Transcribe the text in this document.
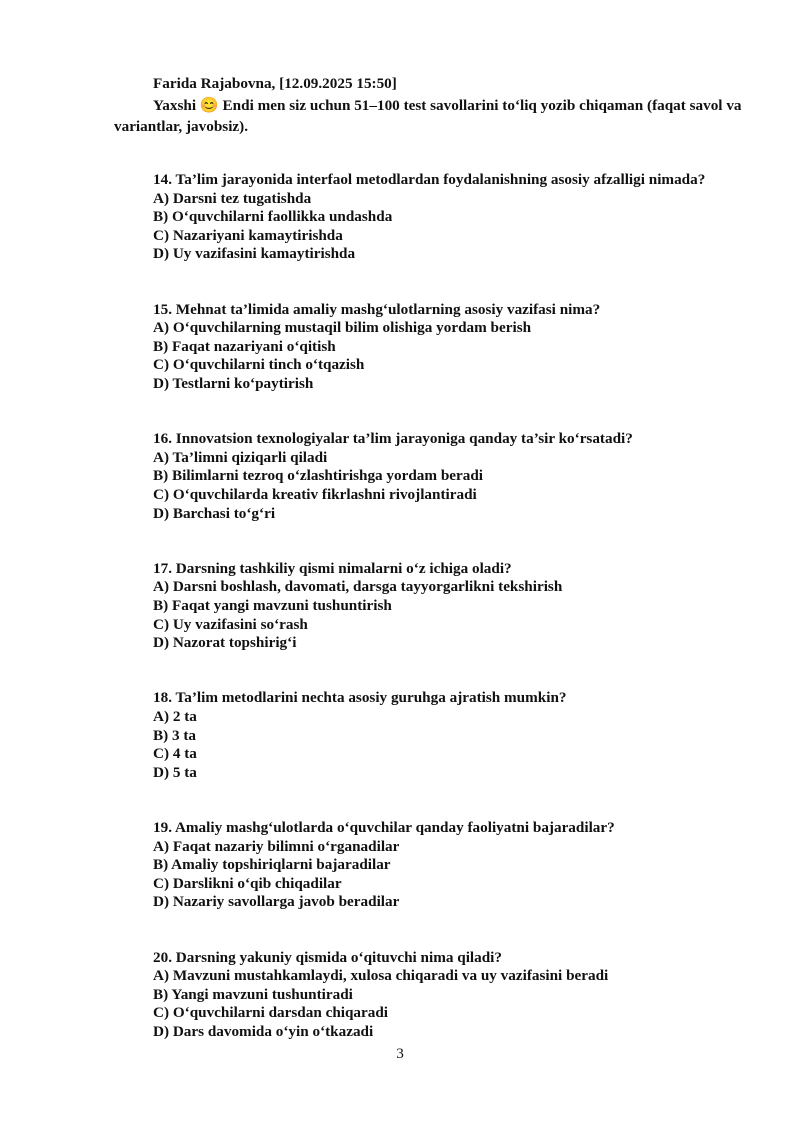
Farida Rajabovna, [12.09.2025 15:50]

Yaxshi 😊 Endi men siz uchun 51–100 test savollarini to‘liq yozib chiqaman (faqat savol va variantlar, javobsiz).

14. Ta’lim jarayonida interfaol metodlardan foydalanishning asosiy afzalligi nimada?
A) Darsni tez tugatishda
B) O‘quvchilarni faollikka undashda
C) Nazariyani kamaytirishda
D) Uy vazifasini kamaytirishda
15. Mehnat ta’limida amaliy mashg‘ulotlarning asosiy vazifasi nima?
A) O‘quvchilarning mustaqil bilim olishiga yordam berish
B) Faqat nazariyani o‘qitish
C) O‘quvchilarni tinch o‘tqazish
D) Testlarni ko‘paytirish
16. Innovatsion texnologiyalar ta’lim jarayoniga qanday ta’sir ko‘rsatadi?
A) Ta’limni qiziqarli qiladi
B) Bilimlarni tezroq o‘zlashtirishga yordam beradi
C) O‘quvchilarda kreativ fikrlashni rivojlantiradi
D) Barchasi to‘g‘ri
17. Darsning tashkiliy qismi nimalarni o‘z ichiga oladi?
A) Darsni boshlash, davomati, darsga tayyorgarlikni tekshirish
B) Faqat yangi mavzuni tushuntirish
C) Uy vazifasini so‘rash
D) Nazorat topshirig‘i
18. Ta’lim metodlarini nechta asosiy guruhga ajratish mumkin?
A) 2 ta
B) 3 ta
C) 4 ta
D) 5 ta
19. Amaliy mashg‘ulotlarda o‘quvchilar qanday faoliyatni bajaradilar?
A) Faqat nazariy bilimni o‘rganadilar
B) Amaliy topshiriqlarni bajaradilar
C) Darslikni o‘qib chiqadilar
D) Nazariy savollarga javob beradilar
20. Darsning yakuniy qismida o‘qituvchi nima qiladi?
A) Mavzuni mustahkamlaydi, xulosa chiqaradi va uy vazifasini beradi
B) Yangi mavzuni tushuntiradi
C) O‘quvchilarni darsdan chiqaradi
D) Dars davomida o‘yin o‘tkazadi
3
